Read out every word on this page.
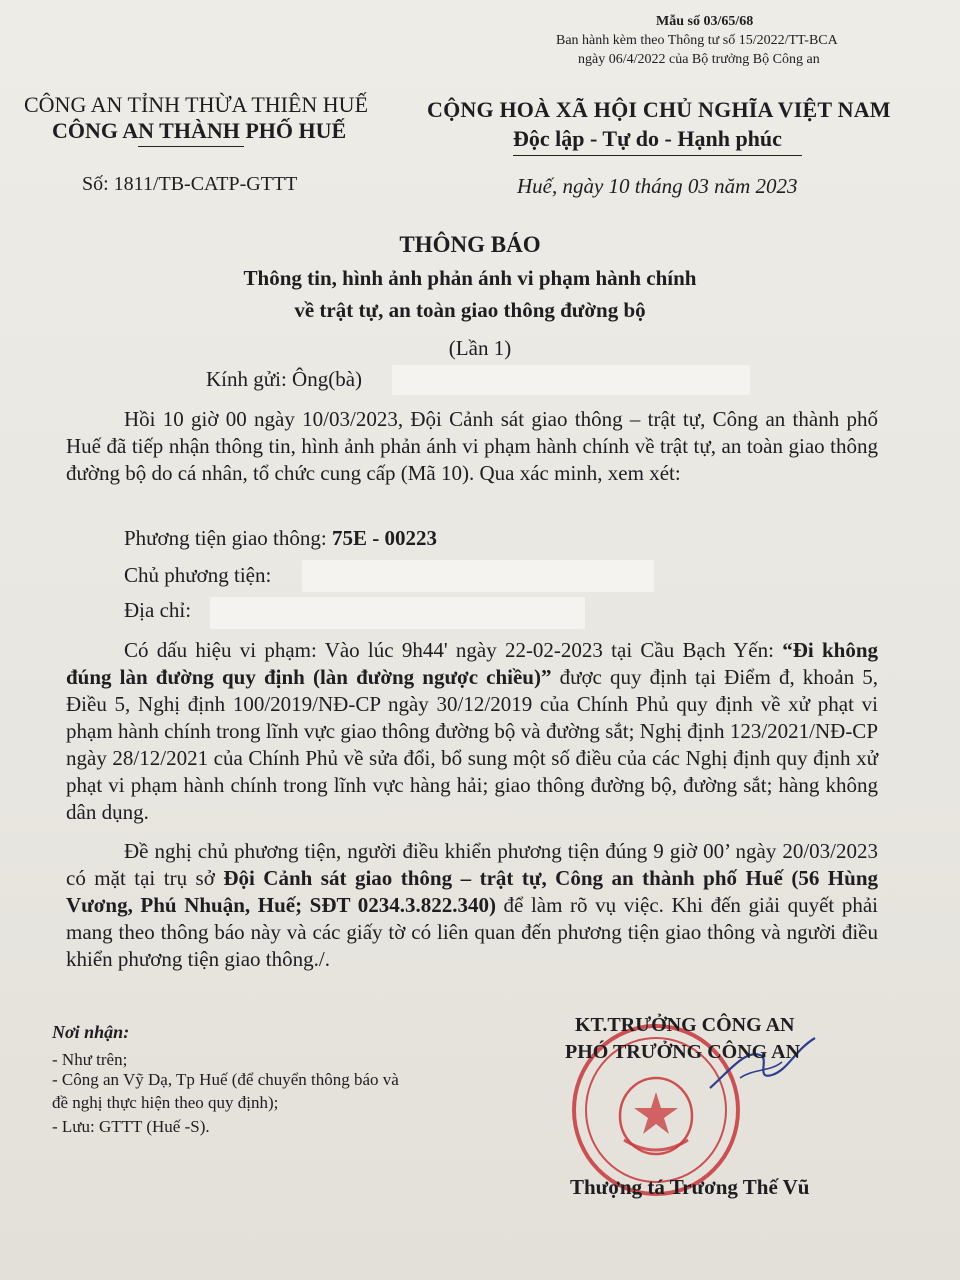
Mẫu số 03/65/68
Ban hành kèm theo Thông tư số 15/2022/TT-BCA
ngày 06/4/2022 của Bộ trưởng Bộ Công an
CÔNG AN TỈNH THỪA THIÊN HUẾ
CÔNG AN THÀNH PHỐ HUẾ
Số: 1811/TB-CATP-GTTT
CỘNG HOÀ XÃ HỘI CHỦ NGHĨA VIỆT NAM
Độc lập - Tự do - Hạnh phúc
Huế, ngày 10 tháng 03 năm 2023
THÔNG BÁO
Thông tin, hình ảnh phản ánh vi phạm hành chính
về trật tự, an toàn giao thông đường bộ
(Lần 1)
Kính gửi: Ông(bà)
Hồi 10 giờ 00 ngày 10/03/2023, Đội Cảnh sát giao thông – trật tự, Công an thành phố Huế đã tiếp nhận thông tin, hình ảnh phản ánh vi phạm hành chính về trật tự, an toàn giao thông đường bộ do cá nhân, tổ chức cung cấp (Mã 10). Qua xác minh, xem xét:
Phương tiện giao thông: 75E - 00223
Chủ phương tiện:
Địa chỉ:
Có dấu hiệu vi phạm: Vào lúc 9h44' ngày 22-02-2023 tại Cầu Bạch Yến: “Đi không đúng làn đường quy định (làn đường ngược chiều)” được quy định tại Điểm đ, khoản 5, Điều 5, Nghị định 100/2019/NĐ-CP ngày 30/12/2019 của Chính Phủ quy định về xử phạt vi phạm hành chính trong lĩnh vực giao thông đường bộ và đường sắt; Nghị định 123/2021/NĐ-CP ngày 28/12/2021 của Chính Phủ về sửa đổi, bổ sung một số điều của các Nghị định quy định xử phạt vi phạm hành chính trong lĩnh vực hàng hải; giao thông đường bộ, đường sắt; hàng không dân dụng.
Đề nghị chủ phương tiện, người điều khiển phương tiện đúng 9 giờ 00’ ngày 20/03/2023 có mặt tại trụ sở Đội Cảnh sát giao thông – trật tự, Công an thành phố Huế (56 Hùng Vương, Phú Nhuận, Huế; SĐT 0234.3.822.340) để làm rõ vụ việc. Khi đến giải quyết phải mang theo thông báo này và các giấy tờ có liên quan đến phương tiện giao thông và người điều khiển phương tiện giao thông./.
Nơi nhận:
- Như trên;
- Công an Vỹ Dạ, Tp Huế (để chuyển thông báo và
đề nghị thực hiện theo quy định);
- Lưu: GTTT (Huế -S).
KT.TRƯỞNG CÔNG AN
PHÓ TRƯỞNG CÔNG AN
Thượng tá Trương Thế Vũ
